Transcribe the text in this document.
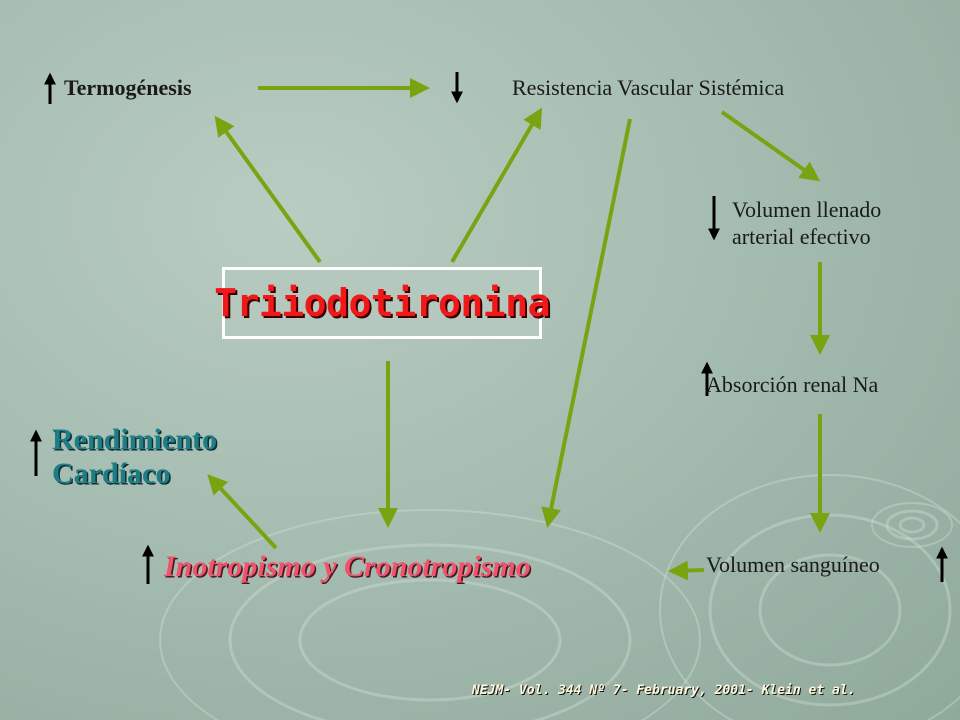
Termogénesis	Resistencia Vascular Sistémica
Volumen llenado
arterial efectivo
Absorción renal Na
Volumen sanguíneo
Rendimiento
Cardíaco
Inotropismo y Cronotropismo
Triiodotironina
NEJM- Vol. 344 Nº 7- February, 2001- Klein et al.
